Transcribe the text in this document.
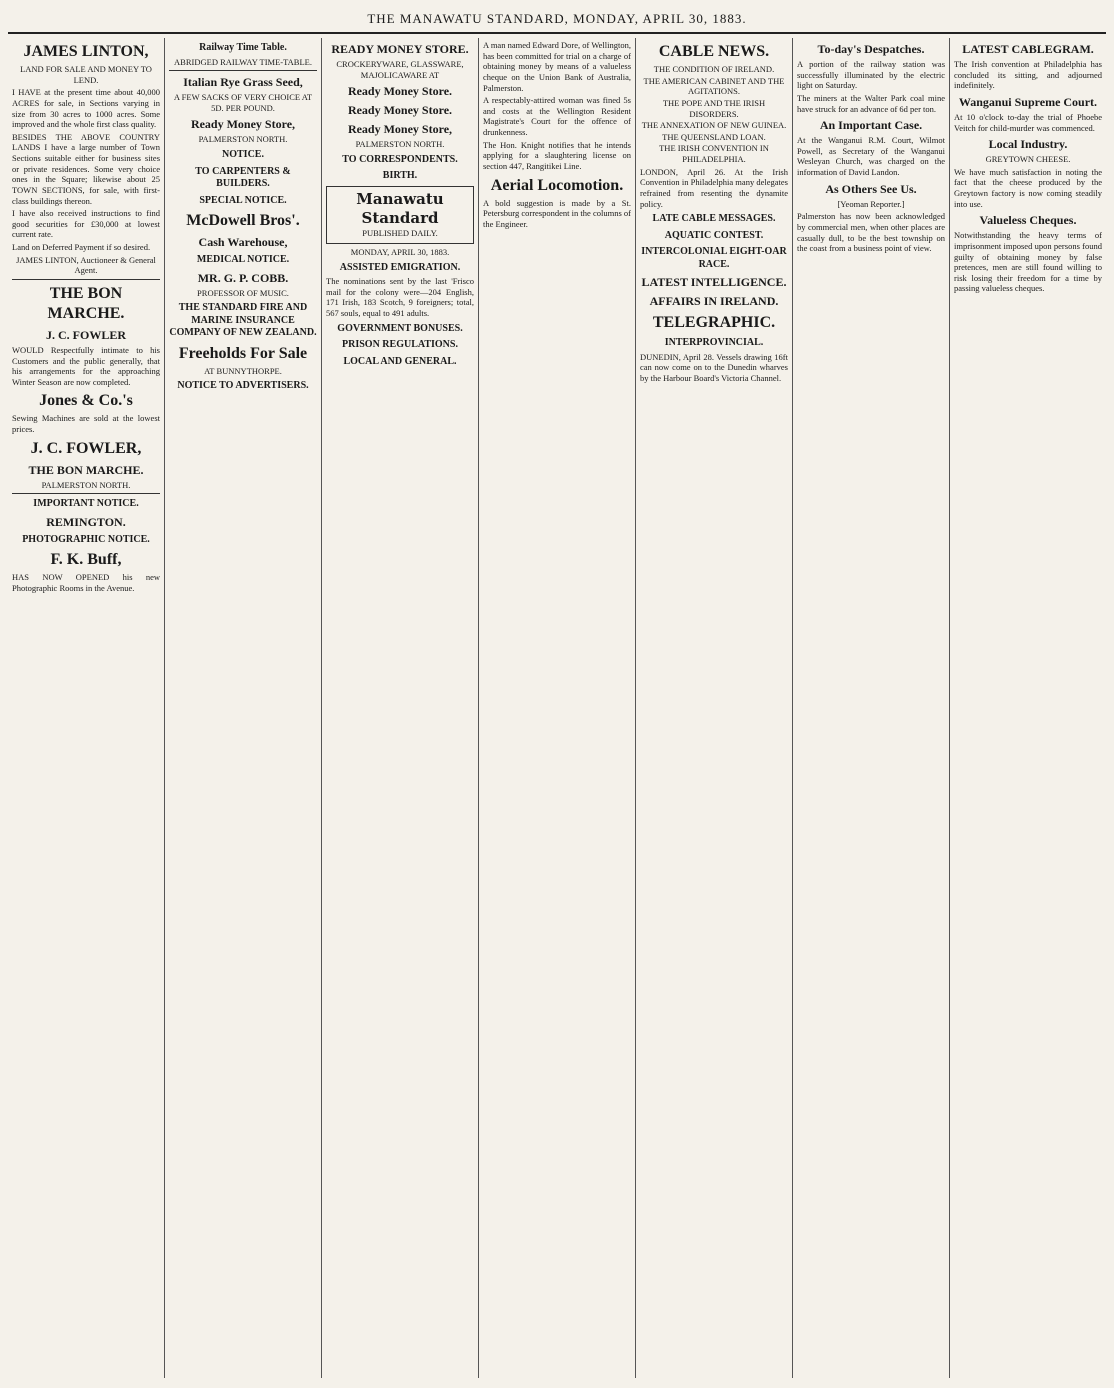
THE MANAWATU STANDARD, MONDAY, APRIL 30, 1883.
JAMES LINTON,
LAND FOR SALE AND MONEY TO LEND.
I HAVE at the present time about 40,000 ACRES for sale, in Sections varying in size from 30 acres to 1000 acres. Some improved and the whole first class quality.
BESIDES THE ABOVE COUNTRY LANDS I have a large number of Town Sections suitable either for business sites or private residences. Some very choice ones in the Square; likewise about 25 TOWN SECTIONS, for sale, with first-class buildings thereon.
I have also received instructions to find good securities for £30,000 at lowest current rate.
Land on Deferred Payment if so desired.
JAMES LINTON, Auctioneer & General Agent.
THE BON MARCHE.
J. C. FOWLER
WOULD Respectfully intimate to his Customers and the public generally, that his arrangements for the approaching Winter Season are now completed.
Jones & Co.'s
Sewing Machines are sold at the lowest prices.
J. C. FOWLER,
THE BON MARCHE.
PALMERSTON NORTH.
IMPORTANT NOTICE.
REMINGTON.
PHOTOGRAPHIC NOTICE.
F. K. Buff,
HAS NOW OPENED his new Photographic Rooms in the Avenue.
Railway Time Table.
ABRIDGED RAILWAY TIME-TABLE.
Italian Rye Grass Seed,
A FEW SACKS OF VERY CHOICE AT 5D. PER POUND.
Ready Money Store,
PALMERSTON NORTH.
NOTICE.
TO CARPENTERS & BUILDERS.
SPECIAL NOTICE.
McDowell Bros'.
Cash Warehouse,
MEDICAL NOTICE.
MR. G. P. COBB.
PROFESSOR OF MUSIC.
THE STANDARD FIRE AND MARINE INSURANCE COMPANY OF NEW ZEALAND.
Freeholds For Sale
AT BUNNYTHORPE.
NOTICE TO ADVERTISERS.
READY MONEY STORE.
CROCKERYWARE, GLASSWARE, MAJOLICAWARE AT
Ready Money Store.
Ready Money Store.
Ready Money Store,
PALMERSTON NORTH.
TO CORRESPONDENTS.
BIRTH.
Manawatu Standard
PUBLISHED DAILY.
MONDAY, APRIL 30, 1883.
ASSISTED EMIGRATION.
The nominations sent by the last 'Frisco mail for the colony were—204 English, 171 Irish, 183 Scotch, 9 foreigners; total, 567 souls, equal to 491 adults.
GOVERNMENT BONUSES.
PRISON REGULATIONS.
LOCAL AND GENERAL.
A man named Edward Dore, of Wellington, has been committed for trial on a charge of obtaining money by means of a valueless cheque on the Union Bank of Australia, Palmerston.
A respectably-attired woman was fined 5s and costs at the Wellington Resident Magistrate's Court for the offence of drunkenness.
The Hon. Knight notifies that he intends applying for a slaughtering license on section 447, Rangitikei Line.
Aerial Locomotion.
A bold suggestion is made by a St. Petersburg correspondent in the columns of the Engineer.
CABLE NEWS.
THE CONDITION OF IRELAND.
THE AMERICAN CABINET AND THE AGITATIONS.
THE POPE AND THE IRISH DISORDERS.
THE ANNEXATION OF NEW GUINEA.
THE QUEENSLAND LOAN.
THE IRISH CONVENTION IN PHILADELPHIA.
LONDON, April 26. At the Irish Convention in Philadelphia many delegates refrained from resenting the dynamite policy.
LATE CABLE MESSAGES.
AQUATIC CONTEST.
INTERCOLONIAL EIGHT-OAR RACE.
LATEST INTELLIGENCE.
AFFAIRS IN IRELAND.
TELEGRAPHIC.
INTERPROVINCIAL.
DUNEDIN, April 28. Vessels drawing 16ft can now come on to the Dunedin wharves by the Harbour Board's Victoria Channel.
To-day's Despatches.
A portion of the railway station was successfully illuminated by the electric light on Saturday.
The miners at the Walter Park coal mine have struck for an advance of 6d per ton.
An Important Case.
At the Wanganui R.M. Court, Wilmot Powell, as Secretary of the Wanganui Wesleyan Church, was charged on the information of David Landon.
As Others See Us.
[Yeoman Reporter.]
Palmerston has now been acknowledged by commercial men, when other places are casually dull, to be the best township on the coast from a business point of view.
LATEST CABLEGRAM.
The Irish convention at Philadelphia has concluded its sitting, and adjourned indefinitely.
Wanganui Supreme Court.
At 10 o'clock to-day the trial of Phoebe Veitch for child-murder was commenced.
Local Industry.
GREYTOWN CHEESE.
We have much satisfaction in noting the fact that the cheese produced by the Greytown factory is now coming steadily into use.
Valueless Cheques.
Notwithstanding the heavy terms of imprisonment imposed upon persons found guilty of obtaining money by false pretences, men are still found willing to risk losing their freedom for a time by passing valueless cheques.
